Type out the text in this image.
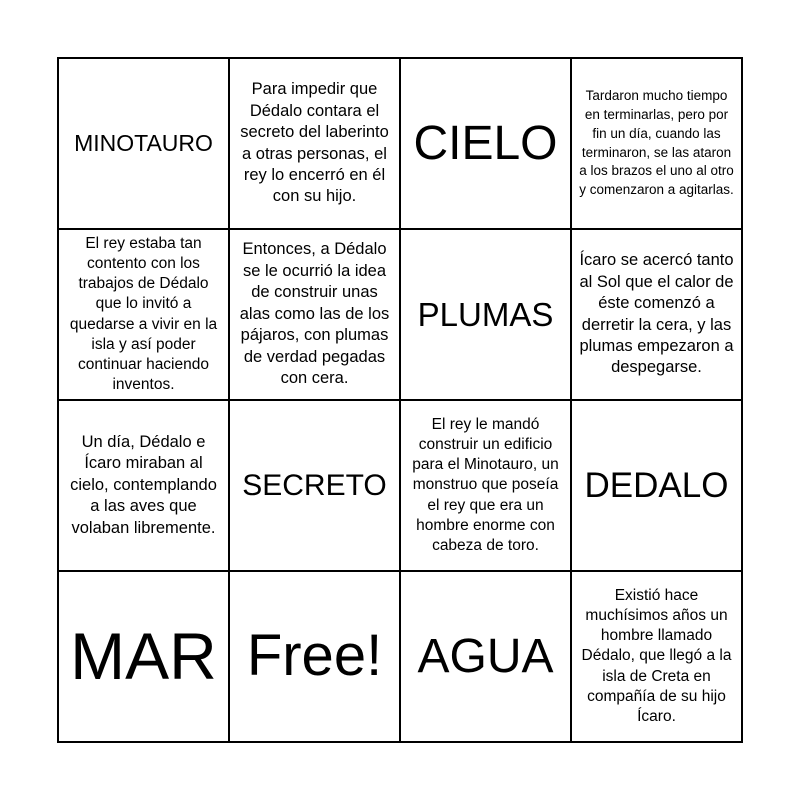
MINOTAURO
Para impedir que Dédalo contara el secreto del laberinto a otras personas, el rey lo encerró en él con su hijo.
CIELO
Tardaron mucho tiempo en terminarlas, pero por fin un día, cuando las terminaron, se las ataron a los brazos el uno al otro y comenzaron a agitarlas.
El rey estaba tan contento con los trabajos de Dédalo que lo invitó a quedarse a vivir en la isla y así poder continuar haciendo inventos.
Entonces, a Dédalo se le ocurrió la idea de construir unas alas como las de los pájaros, con plumas de verdad pegadas con cera.
PLUMAS
Ícaro se acercó tanto al Sol que el calor de éste comenzó a derretir la cera, y las plumas empezaron a despegarse.
Un día, Dédalo e Ícaro miraban al cielo, contemplando a las aves que volaban libremente.
SECRETO
El rey le mandó construir un edificio para el Minotauro, un monstruo que poseía el rey que era un hombre enorme con cabeza de toro.
DEDALO
MAR Free! AGUA
Existió hace muchísimos años un hombre llamado Dédalo, que llegó a la isla de Creta en compañía de su hijo Ícaro.
